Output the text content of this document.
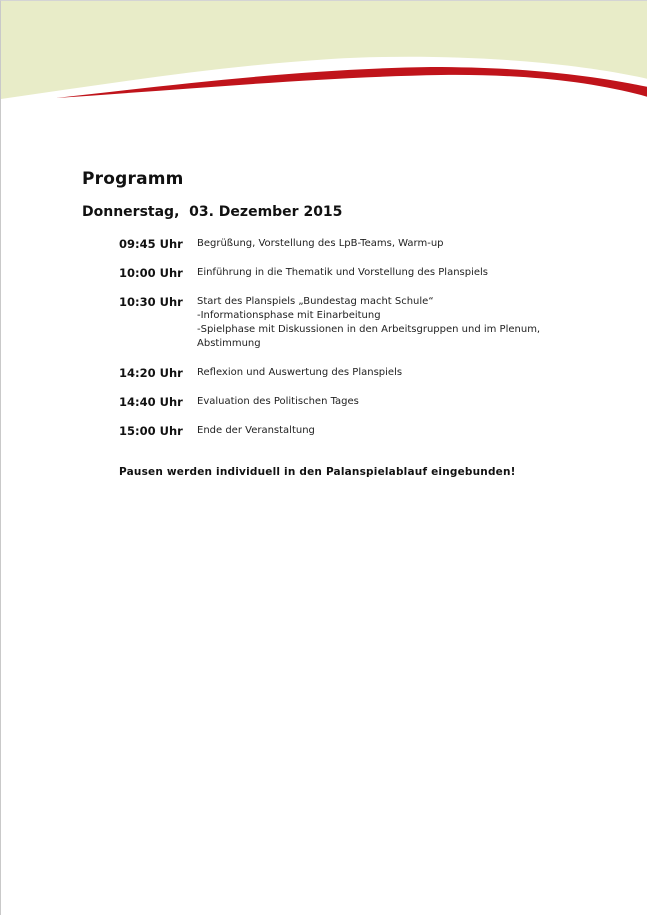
Programm
Donnerstag,  03. Dezember 2015
09:45 Uhr	Begrüßung, Vorstellung des LpB-Teams, Warm-up
10:00 Uhr	Einführung in die Thematik und Vorstellung des Planspiels
10:30 Uhr	Start des Planspiels „Bundestag macht Schule“
-Informationsphase mit Einarbeitung
-Spielphase mit Diskussionen in den Arbeitsgruppen und im Plenum,
Abstimmung
14:20 Uhr	Reflexion und Auswertung des Planspiels
14:40 Uhr	Evaluation des Politischen Tages
15:00 Uhr	Ende der Veranstaltung
Pausen werden individuell in den Palanspielablauf eingebunden!
